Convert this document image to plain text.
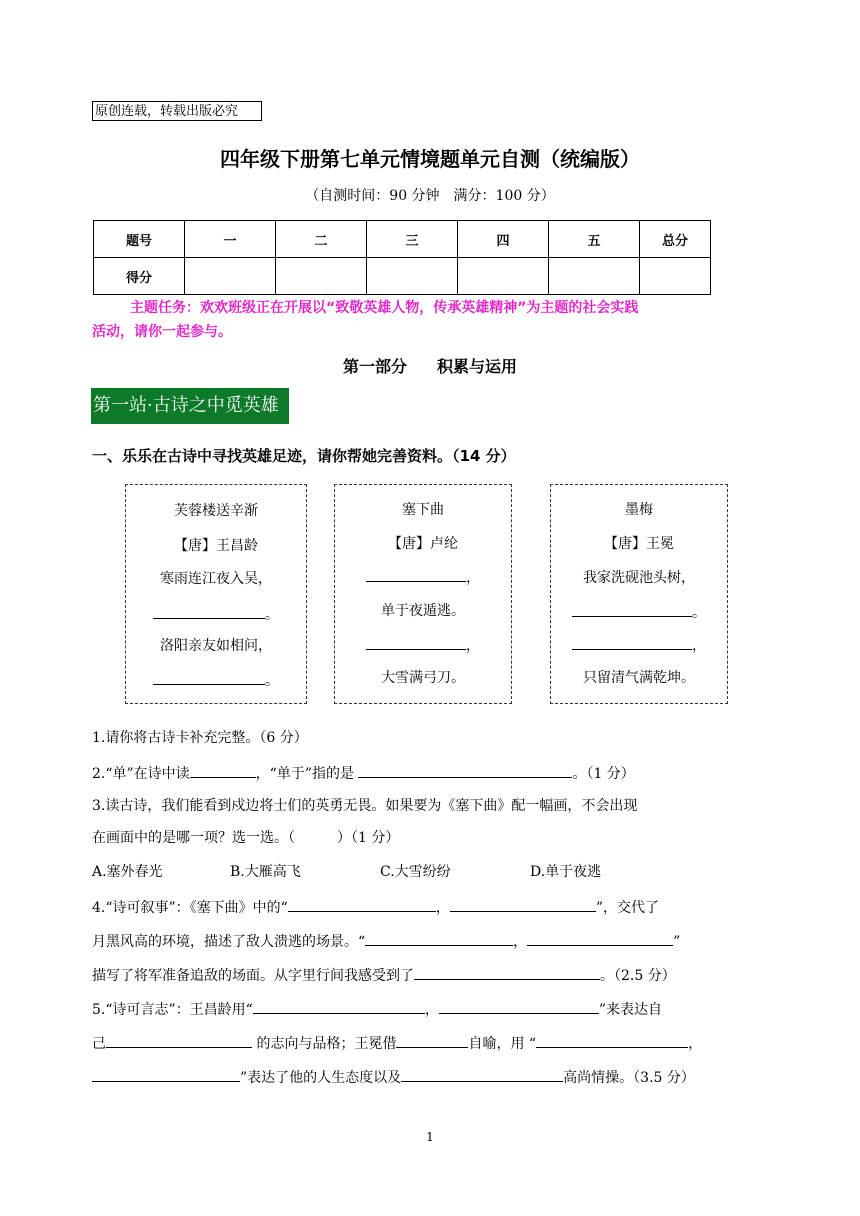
原创连载，转载出版必究
四年级下册第七单元情境题单元自测（统编版）
（自测时间：90 分钟　满分：100 分）
题号	一	二	三	四	五	总分
得分						
主题任务：欢欢班级正在开展以“致敬英雄人物，传承英雄精神”为主题的社会实践
活动，请你一起参与。
第一部分 积累与运用
第一站·古诗之中觅英雄
一、乐乐在古诗中寻找英雄足迹，请你帮她完善资料。（14 分）
芙蓉楼送辛渐
【唐】王昌龄
寒雨连江夜入吴，
。
洛阳亲友如相问，
。
塞下曲
【唐】卢纶
，
单于夜遁逃。
，
大雪满弓刀。
墨梅
【唐】王冕
我家洗砚池头树，
。
，
只留清气满乾坤。
1.请你将古诗卡补充完整。（6 分）
2.“单”在诗中读	，“单于”指的是	。（1 分）
3.读古诗，我们能看到戍边将士们的英勇无畏。如果要为《塞下曲》配一幅画，不会出现
在画面中的是哪一项？选一选。（　　　）（1 分）
A.塞外春光	B.大雁高飞	C.大雪纷纷	D.单于夜逃
4.“诗可叙事”：《塞下曲》中的“	，	”，交代了
月黑风高的环境，描述了敌人溃逃的场景。“	，	”
描写了将军准备追敌的场面。从字里行间我感受到了	。（2.5 分）
5.“诗可言志”：王昌龄用“	，	”来表达自
己	的志向与品格；王冕借	自喻，用 “	，
”表达了他的人生态度以及	高尚情操。（3.5 分）
1
